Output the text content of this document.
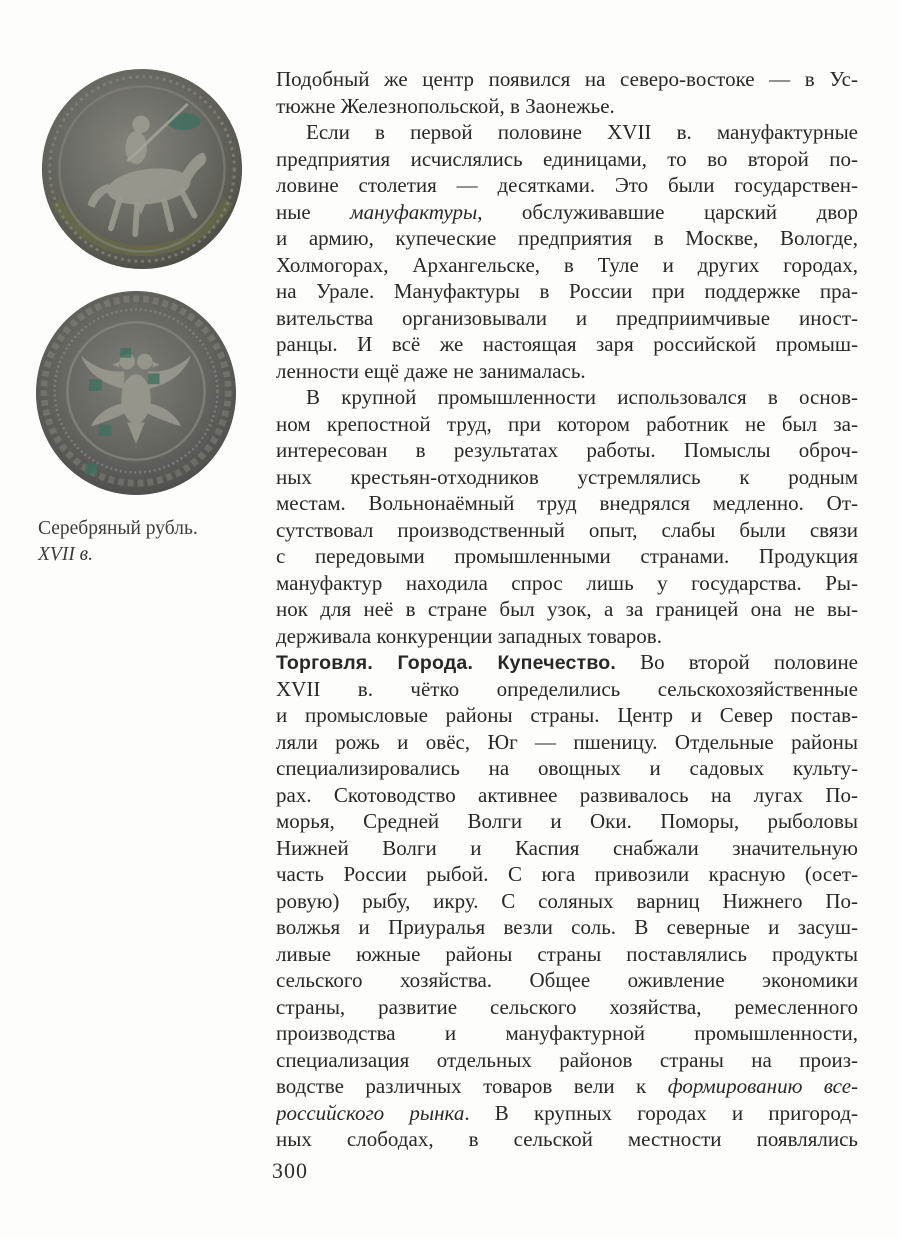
Серебряный рубль.
XVII в.
Подобный же центр появился на северо-востоке — в Ус-
тюжне Железнопольской, в Заонежье.
Если в первой половине XVII в. мануфактурные
предприятия исчислялись единицами, то во второй по-
ловине столетия — десятками. Это были государствен-
ные мануфактуры, обслуживавшие царский двор
и армию, купеческие предприятия в Москве, Вологде,
Холмогорах, Архангельске, в Туле и других городах,
на Урале. Мануфактуры в России при поддержке пра-
вительства организовывали и предприимчивые иност-
ранцы. И всё же настоящая заря российской промыш-
ленности ещё даже не занималась.
В крупной промышленности использовался в основ-
ном крепостной труд, при котором работник не был за-
интересован в результатах работы. Помыслы оброч-
ных крестьян-отходников устремлялись к родным
местам. Вольнонаёмный труд внедрялся медленно. От-
сутствовал производственный опыт, слабы были связи
с передовыми промышленными странами. Продукция
мануфактур находила спрос лишь у государства. Ры-
нок для неё в стране был узок, а за границей она не вы-
держивала конкуренции западных товаров.
Торговля. Города. Купечество. Во второй половине
XVII в. чётко определились сельскохозяйственные
и промысловые районы страны. Центр и Север постав-
ляли рожь и овёс, Юг — пшеницу. Отдельные районы
специализировались на овощных и садовых культу-
рах. Скотоводство активнее развивалось на лугах По-
морья, Средней Волги и Оки. Поморы, рыболовы
Нижней Волги и Каспия снабжали значительную
часть России рыбой. С юга привозили красную (осет-
ровую) рыбу, икру. С соляных варниц Нижнего По-
волжья и Приуралья везли соль. В северные и засуш-
ливые южные районы страны поставлялись продукты
сельского хозяйства. Общее оживление экономики
страны, развитие сельского хозяйства, ремесленного
производства и мануфактурной промышленности,
специализация отдельных районов страны на произ-
водстве различных товаров вели к формированию все-
российского рынка. В крупных городах и пригород-
ных слободах, в сельской местности появлялись
300
